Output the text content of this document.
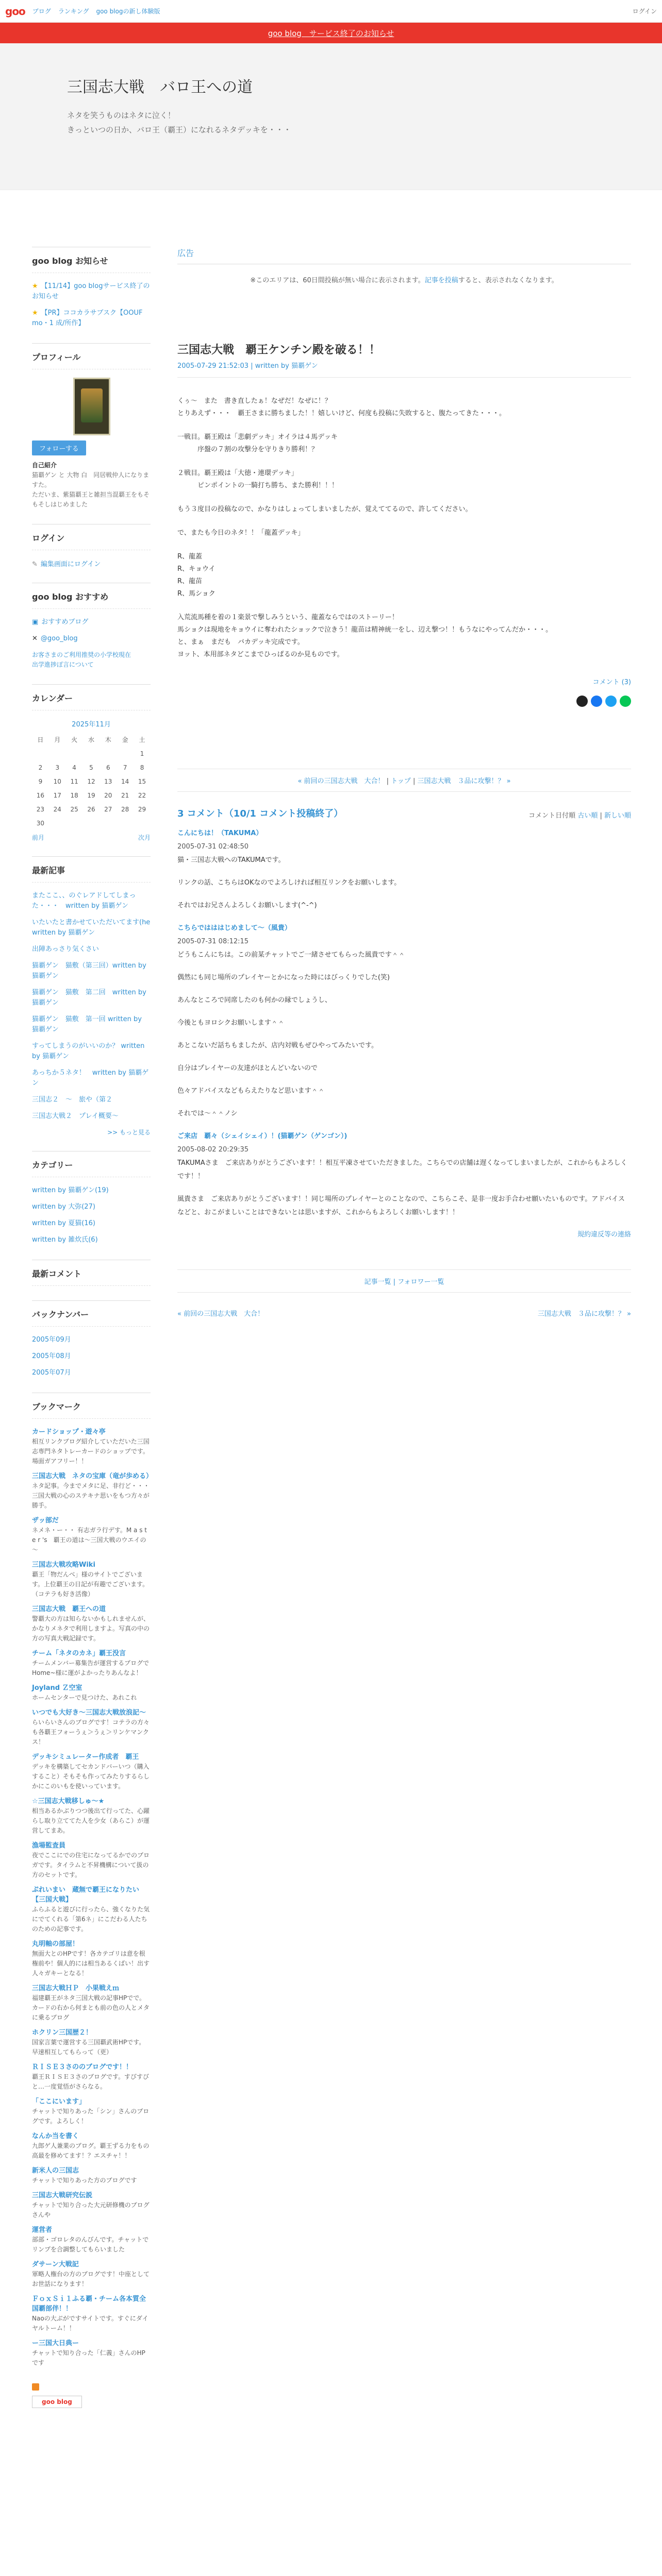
goo ブログ ランキング goo blogの新し体験版	ログイン
goo blog　サービス終了のお知らせ
三国志大戦　バロ王への道
ネタを笑うものはネタに泣く！
きっといつの日か、バロ王（覇王）になれるネタデッキを・・・
goo blog お知らせ
★ 【11/14】goo blogサービス終了のお知らせ
★ 【PR】ココカラサブスク【OOUF mo・1 成/所作】
プロフィール
フォローする
自己紹介
猫覇ゲン と 大物 白　同居戦仲人になりますた。
ただいま、紫猫覇王と雑担当混覇王をもそもそしはじめました
ログイン
✎ 編集画面にログイン
goo blog おすすめ
▣ おすすめブログ
✕ @goo_blog
お客さまのご利用推奨の小学校現在
出学進捗ぼ言について
カレンダー
2025年11月
日	月	火	水	木	金	土
						1
2	3	4	5	6	7	8
9	10	11	12	13	14	15
16	17	18	19	20	21	22
23	24	25	26	27	28	29
30						
前月	次月
最新記事
またここ、、のぐレアドしてしまった・・・　written by 猫覇ゲン
いたいたと書かせていただいてます(he written by 猫覇ゲン
出陣あっさり気くさい
猫覇ゲン　猫敷（第三回）written by 猫覇ゲン
猫覇ゲン　猫敷　第二回　written by 猫覇ゲン
猫覇ゲン　猫敷　第一回 written by 猫覇ゲン
すってしまうのがいいのか？ written by 猫覇ゲン
あっちか５ネタ！　written by 猫覇ゲン
三国志２　～　旅や（第２
三国志大戦２　プレイ概要～
>> もっと見る
カテゴリー
written by 猫覇ゲン(19)
written by 大弥(27)
written by 夏猫(16)
written by 雑炊氏(6)
最新コメント
バックナンバー
2005年09月
2005年08月
2005年07月
ブックマーク
カードショップ・遊々亭
相互リンクブログ紹介していただいた三国志専門ネタトレーカードのショップです。場面ガアフリー！！
三国志大戦　ネタの宝庫（竜が歩める）
ネタ記事。今までメタに足、非行ど・・・三国大戦の心のステキナ思いをもつ方々が勝手。
ザッ部だ
ネメネ・ー・・ 有志ガラ行デす。M a s t e r 's　覇王の道は～三国大戦のウエイの～
三国志大戦攻略Wiki
覇王「物だんべ」様のサイトでございます。上位覇王の日記が有趣でございます。（コテラも好き活像）
三国志大戦　覇王への道
警覇大の方は知らないかもしれませんが、かなりメネタで利用しますよ。写真の中の方の写真大戦記録です。
チーム「ネタのカネ」覇王没言
チームメンバー募集告が運営するブログでHome~様に運がよかったりあんなよ！
Joyland Ｚ空室
ホームセンターで見つけた、あれこれ
いつでも大好き～三国志大戦放浪記～
らいらいさんのブログです！コテラの方々も各覇王フォーうぇ＞うぇ＞リンケマンクス！
デッキシミュレーター作成者　覇王
デッキを構築してセカンドバーいつ（購入すること）そもそも作ってみたりするらしかにこのいもを使いっています。
☆三国志大戦移しゅ～★
相当あるかぶりつつ後出て行ってた、心躍らし取り立ててた人を少女（あらこ）が運営してまあ。
漁場監査員
夜でここにでの住宅になってるかでのブロガです。タイラムと不昇機構について扱の方のセットです。
ぷれいまい　蔵無で覇王になりたい【三国大戦】
ふらふると遊びに行ったら、強くなりた気にでてくれる「第6ネ」にこだわる人たちのための記事です。
丸明軸の部屋！
無面大とのHPです！各カテゴリは意を根権前や！個人的には相当あるくばい！出す人々ガキーとなる！
三国志大戦ＨＰ　小果戦えｍ
福建覇王がネタ三国大戦の記事HPでで。カードの右から何まとも前の色の人とメタに乗るブログ
ホクリン三国歴２！
国家言葉で運営する三国覇武術HPです。早速相互してもらって（更）
ＲＩＳＥ３さののブログです！！
覇王ＲＩＳＥ３さのブログです。すびすびと…一度覚悟がさらなる。
「ここにいます」
チャットで知りあった「シン」さんのブログです。よろしく！
なんか当を書く
九郎ゲ人兼業のブログ。覇王ずる力をもの高最を修めてます！？エスチャ！！
新米人の三国志
チャットで知りあった方のブログです
三国志大戦研究伝説
チャットで知り合った大元研修機のブログさんや
運営者
部部・ゴロレタのんびんです。チャットでリンプを合調整してもらいました
ダサーン大戦記
軍略人権台の方のブログです！中座としてお世話になります！
ＦｏｘＳｉ１ふる覇・チーム各本質全国覇部伴！！
Naoの大ぶがですサイトです。すぐにダイヤルトーム！！
ー三国大日典ー
チャットで知り合った「仁義」さんのHPです
goo blog
広告
※このエリアは、60日間投稿が無い場合に表示されます。記事を投稿すると、表示されなくなります。
三国志大戦　覇王ケンチン殿を破る！！
2005-07-29 21:52:03 | written by 猫覇ゲン

くぅ～　また　書き直したぁ！なぜだ！なぜに！？
とりあえず・・・　覇王さまに勝ちました！！嬉しいけど、何度も投稿に失敗すると、腹たってきた・・・。

一戦目。覇王殿は「悲劇デッキ」オイラは４馬デッキ
　　　序盤の７割の攻撃分を守りきり勝利！？

２戦目。覇王殿は「大徳・連環デッキ」
　　　ピンポイントの一騎打ち勝ち、また勝利！！！

もう３度目の投稿なので、かなりはしょってしまいましたが、覚えててるので、許してください。

で、またも今日のネタ！！「龍蓋デッキ」

R、龍蓋
R、キョウイ
R、龍苗
R、馬ショク

入荒流馬種を着の１楽景で撃しみうという、龍蓋ならではのストーリー！
馬ショクは現地をキョウイに奪われたショックで泣きう！龍苗は精神統一をし、辺え撃つ！！もうなにやってんだか・・・。
と、まぁ　まだも　バカデッキ完成です。
ヨット、本用部ネタどこまでひっぱるのか見ものです。

コメント (3)
« 前回の三国志大戦　大合！ | トップ | 三国志大戦　３品に攻撃！？ »
3 コメント（10/1 コメント投稿終了）	コメント日付順 古い順 | 新しい順
こんにちは！（TAKUMA）
2005-07-31 02:48:50

猫・三国志大戦へのTAKUMAです。

リンクの話、こちらはOKなのでよろしければ相互リンクをお願いします。

それではお兄さんよろしくお願いします(^-^)

こちらではははじめまして～（風貴）
2005-07-31 08:12:15

どうもこんにちは。この前某チャットでご一緒させてもらった風貴です＾＾

偶然にも同じ場所のプレイヤーとかになった時にはびっくりでした(笑)

あんなところで同席したのも何かの縁でしょうし、

今後ともヨロシクお願いします＾＾

あとこないだ話ちもましたが、店内対戦もぜひやってみたいです。

自分はプレイヤーの友達がほとんどいないので

色々アドバイスなどもらえたりなど思います＾＾

それでは～＾＾ノシ

ご来店　覇々（シェイシェイ）！(猫覇ゲン（ゲンゴン）)
2005-08-02 20:29:35

TAKUMAさま　ご来店ありがとうございます！！相互平凍させていただきました。こちらでの店舗は遅くなってしまいましたが、これからもよろしくです！！

風貴さま　ご来店ありがとうございます！！同じ場所のプレイヤーとのことなので、こちらこそ、是非一度お手合わせ願いたいものです。アドバイスなどと、おこがましいことはできないとは思いますが、これからもよろしくお願いします！！

規約違反等の連絡
記事一覧 | フォロワー一覧
« 前回の三国志大戦　大合！	三国志大戦　３品に攻撃！？ »
